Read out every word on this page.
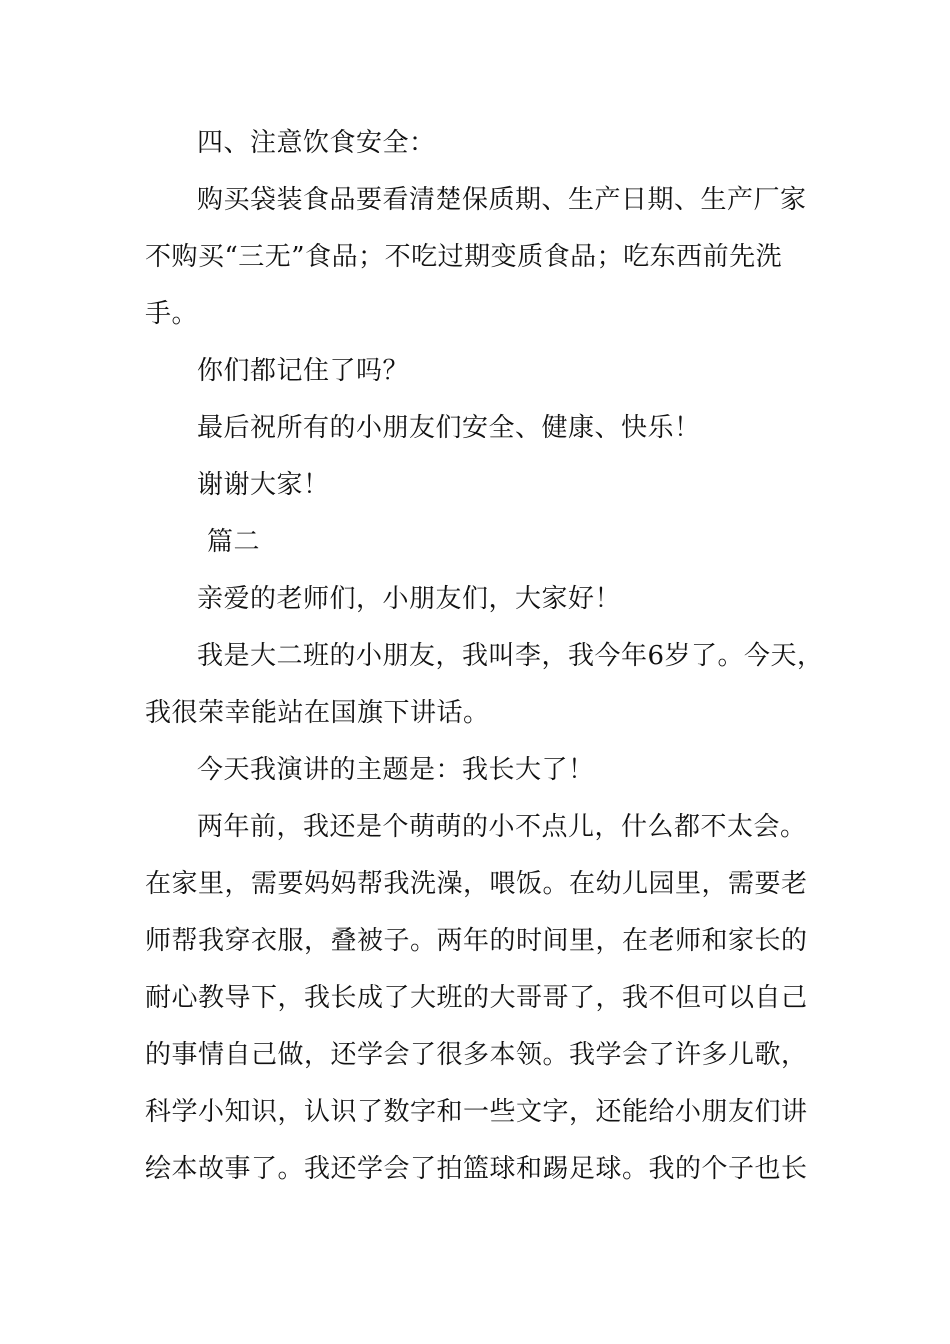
四、注意饮食安全：
购买袋装食品要看清楚保质期、生产日期、生产厂家
不购买“三无”食品；不吃过期变质食品；吃东西前先洗
手。
你们都记住了吗？
最后祝所有的小朋友们安全、健康、快乐！
谢谢大家！
篇二
亲爱的老师们，小朋友们，大家好！
我是大二班的小朋友，我叫李，我今年6岁了。今天，
我很荣幸能站在国旗下讲话。
今天我演讲的主题是：我长大了！
两年前，我还是个萌萌的小不点儿，什么都不太会。
在家里，需要妈妈帮我洗澡，喂饭。在幼儿园里，需要老
师帮我穿衣服，叠被子。两年的时间里，在老师和家长的
耐心教导下，我长成了大班的大哥哥了，我不但可以自己
的事情自己做，还学会了很多本领。我学会了许多儿歌，
科学小知识，认识了数字和一些文字，还能给小朋友们讲
绘本故事了。我还学会了拍篮球和踢足球。我的个子也长
